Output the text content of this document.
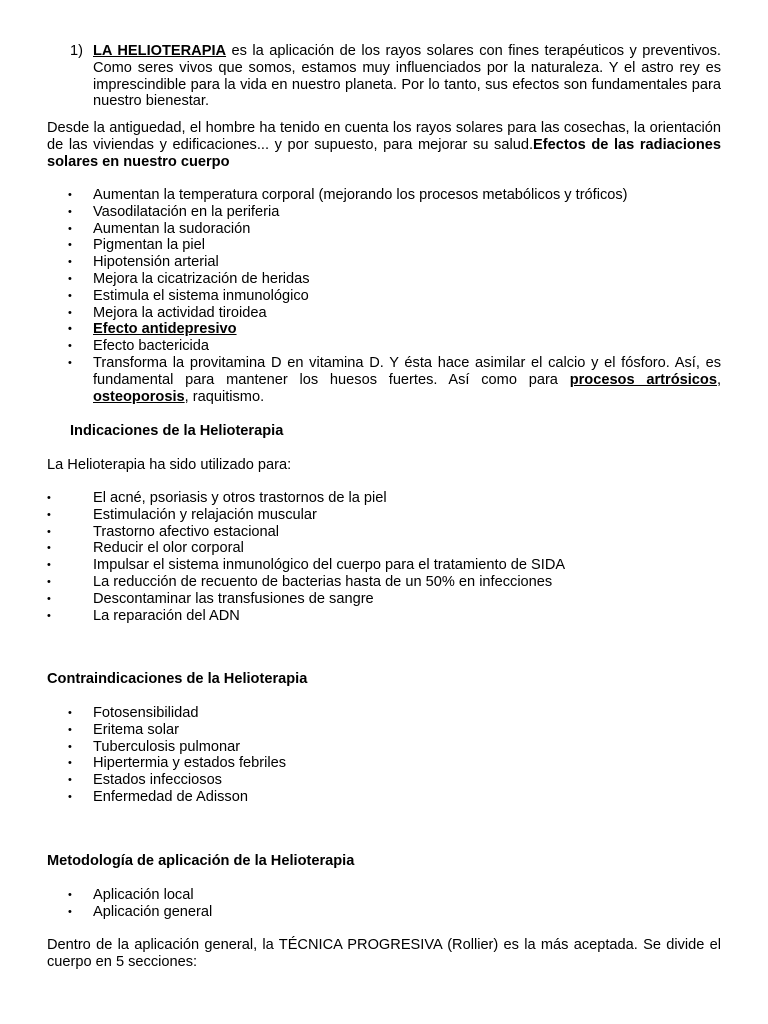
1) LA HELIOTERAPIA es la aplicación de los rayos solares con fines terapéuticos y preventivos. Como seres vivos que somos, estamos muy influenciados por la naturaleza. Y el astro rey es imprescindible para la vida en nuestro planeta. Por lo tanto, sus efectos son fundamentales para nuestro bienestar.
Desde la antiguedad, el hombre ha tenido en cuenta los rayos solares para las cosechas, la orientación de las viviendas y edificaciones... y por supuesto, para mejorar su salud.Efectos de las radiaciones solares en nuestro cuerpo
• Aumentan la temperatura corporal (mejorando los procesos metabólicos y tróficos)
• Vasodilatación en la periferia
• Aumentan la sudoración
• Pigmentan la piel
• Hipotensión arterial
• Mejora la cicatrización de heridas
• Estimula el sistema inmunológico
• Mejora la actividad tiroidea
• Efecto antidepresivo
• Efecto bactericida
• Transforma la provitamina D en vitamina D. Y ésta hace asimilar el calcio y el fósforo. Así, es fundamental para mantener los huesos fuertes. Así como para procesos artrósicos, osteoporosis, raquitismo.
Indicaciones de la Helioterapia
La Helioterapia ha sido utilizado para:
• El acné, psoriasis y otros trastornos de la piel
• Estimulación y relajación muscular
• Trastorno afectivo estacional
• Reducir el olor corporal
• Impulsar el sistema inmunológico del cuerpo para el tratamiento de SIDA
• La reducción de recuento de bacterias hasta de un 50% en infecciones
• Descontaminar las transfusiones de sangre
• La reparación del ADN
Contraindicaciones de la Helioterapia
• Fotosensibilidad
• Eritema solar
• Tuberculosis pulmonar
• Hipertermia y estados febriles
• Estados infecciosos
• Enfermedad de Adisson
Metodología de aplicación de la Helioterapia
• Aplicación local
• Aplicación general
Dentro de la aplicación general, la TÉCNICA PROGRESIVA (Rollier) es la más aceptada. Se divide el cuerpo en 5 secciones:
